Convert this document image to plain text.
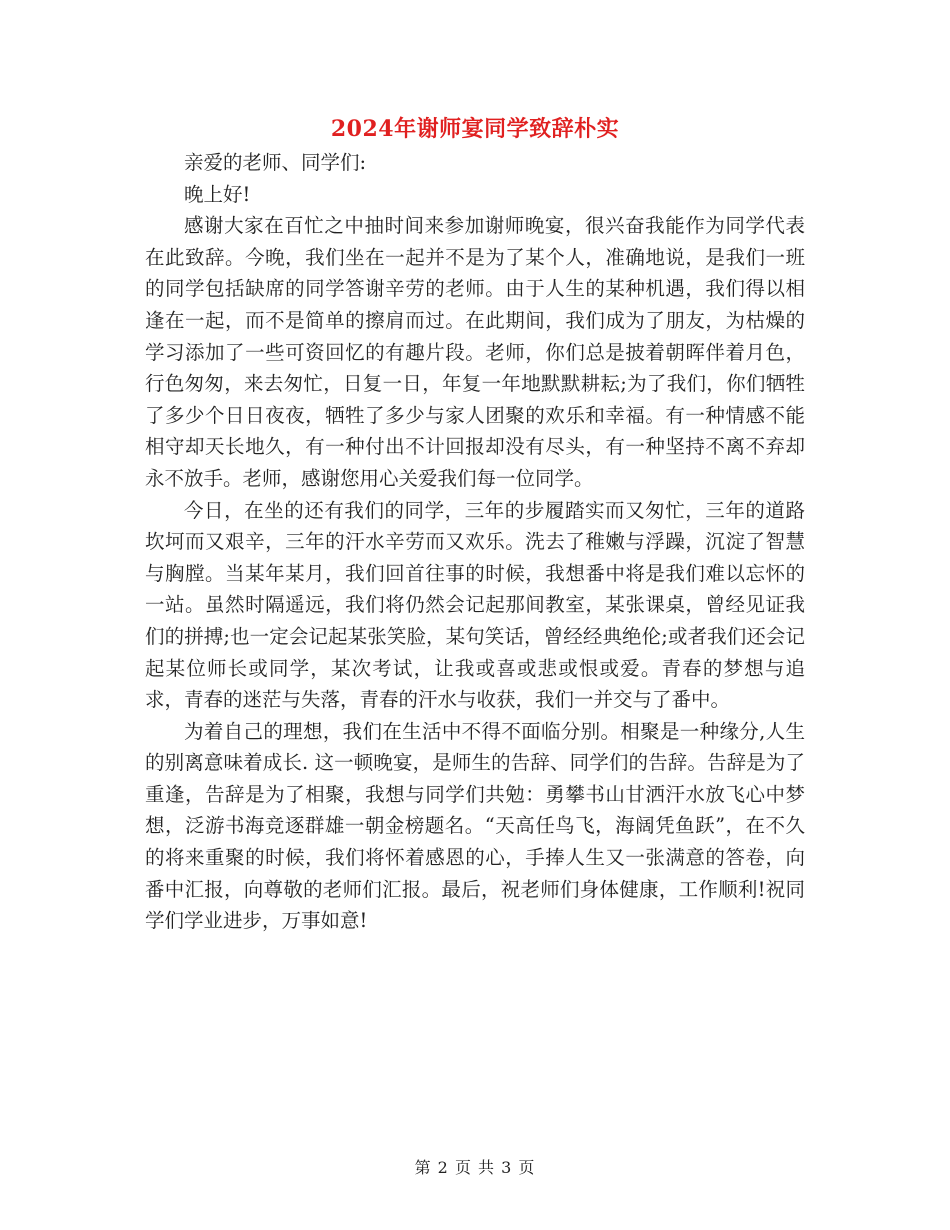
2024年谢师宴同学致辞朴实

亲爱的老师、同学们:

晚上好!

感谢大家在百忙之中抽时间来参加谢师晚宴，很兴奋我能作为同学代表在此致辞。今晚，我们坐在一起并不是为了某个人，准确地说，是我们一班的同学包括缺席的同学答谢辛劳的老师。由于人生的某种机遇，我们得以相逢在一起，而不是简单的擦肩而过。在此期间，我们成为了朋友，为枯燥的学习添加了一些可资回忆的有趣片段。老师，你们总是披着朝晖伴着月色，行色匆匆，来去匆忙，日复一日，年复一年地默默耕耘;为了我们，你们牺牲了多少个日日夜夜，牺牲了多少与家人团聚的欢乐和幸福。有一种情感不能相守却天长地久，有一种付出不计回报却没有尽头，有一种坚持不离不弃却永不放手。老师，感谢您用心关爱我们每一位同学。

今日，在坐的还有我们的同学，三年的步履踏实而又匆忙，三年的道路坎坷而又艰辛，三年的汗水辛劳而又欢乐。洗去了稚嫩与浮躁，沉淀了智慧与胸膛。当某年某月，我们回首往事的时候，我想番中将是我们难以忘怀的一站。虽然时隔遥远，我们将仍然会记起那间教室，某张课桌，曾经见证我们的拼搏;也一定会记起某张笑脸，某句笑话，曾经经典绝伦;或者我们还会记起某位师长或同学，某次考试，让我或喜或悲或恨或爱。青春的梦想与追求，青春的迷茫与失落，青春的汗水与收获，我们一并交与了番中。

为着自己的理想，我们在生活中不得不面临分别。相聚是一种缘分,人生的别离意味着成长. 这一顿晚宴，是师生的告辞、同学们的告辞。告辞是为了重逢，告辞是为了相聚，我想与同学们共勉：勇攀书山甘洒汗水放飞心中梦想，泛游书海竞逐群雄一朝金榜题名。“天高任鸟飞，海阔凭鱼跃”，在不久的将来重聚的时候，我们将怀着感恩的心，手捧人生又一张满意的答卷，向番中汇报，向尊敬的老师们汇报。最后，祝老师们身体健康，工作顺利!祝同学们学业进步，万事如意!

第 2 页 共 3 页
